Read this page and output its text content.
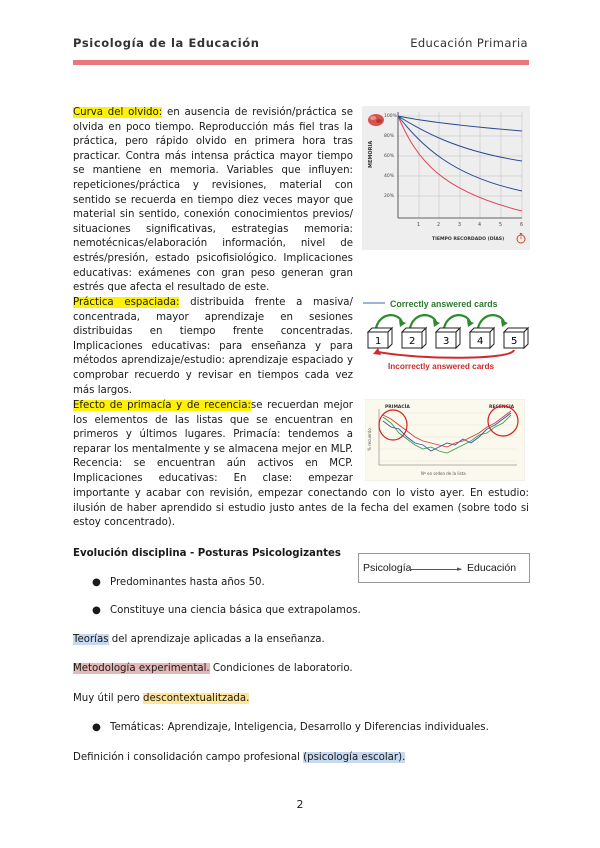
Psicología de la Educación	Educación Primaria
Curva del olvido: en ausencia de revisión/práctica se olvida en poco tiempo. Reproducción más fiel tras la práctica, pero rápido olvido en primera hora tras practicar. Contra más intensa práctica mayor tiempo se mantiene en memoria. Variables que influyen: repeticiones/práctica y revisiones, material con sentido se recuerda en tiempo diez veces mayor que material sin sentido, conexión conocimientos previos/ situaciones significativas, estrategias memoria: nemotécnicas/elaboración información, nivel de estrés/presión, estado psicofisiológico. Implicaciones educativas: exámenes con gran peso generan gran estrés que afecta el resultado de este.
MEMORIA
100%
80%
60%
40%
20%
1	2	3	4	5	6
TIEMPO RECORDADO (DÍAS)
Práctica espaciada: distribuida frente a masiva/ concentrada, mayor aprendizaje en sesiones distribuidas en tiempo frente concentradas. Implicaciones educativas: para enseñanza y para métodos aprendizaje/estudio: aprendizaje espaciado y comprobar recuerdo y revisar en tiempos cada vez más largos.
Correctly answered cards
1	2	3	4	5
Incorrectly answered cards
Efecto de primacía y de recencia:se recuerdan mejor los elementos de las listas que se encuentran en primeros y últimos lugares. Primacía: tendemos a reparar los mentalmente y se almacena mejor en MLP. Recencia: se encuentran aún activos en MCP. Implicaciones educativas: En clase: empezar
importante y acabar con revisión, empezar conectando con lo visto ayer. En estudio: ilusión de haber aprendido si estudio justo antes de la fecha del examen (sobre todo si estoy concentrado).
PRIMACÍA	RECENCIA
% recuerdo
Nº en orden de la lista
Evolución disciplina - Posturas Psicologizantes
Psicología	► Educación
● Predominantes hasta años 50.
● Constituye una ciencia básica que extrapolamos.
Teorías del aprendizaje aplicadas a la enseñanza.
Metodología experimental. Condiciones de laboratorio.
Muy útil pero descontextualitzada.
● Temáticas: Aprendizaje, Inteligencia, Desarrollo y Diferencias individuales.
Definición i consolidación campo profesional (psicología escolar).
2
